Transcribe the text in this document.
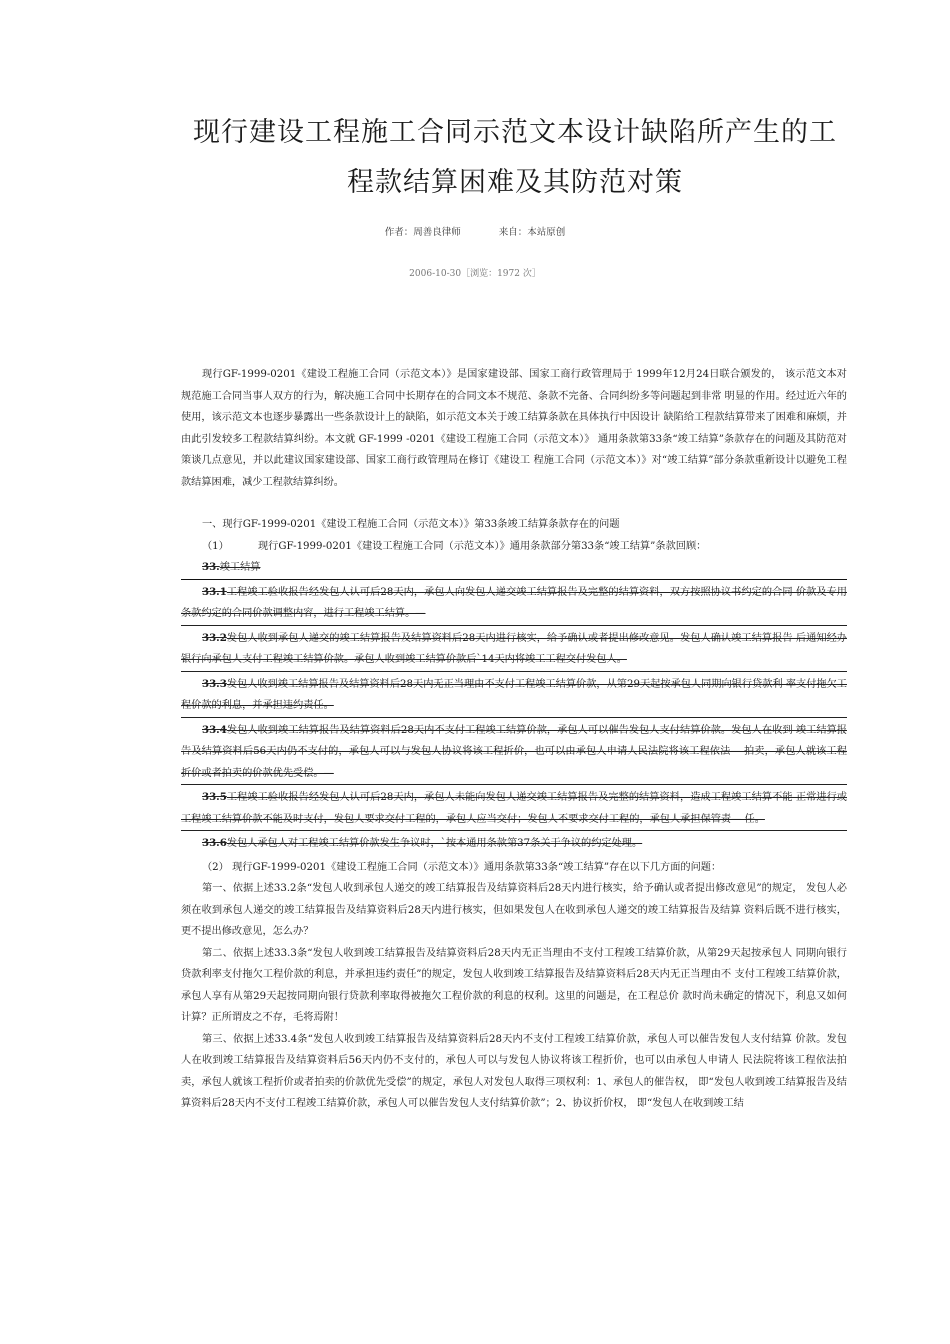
现行建设工程施工合同示范文本设计缺陷所产生的工
程款结算困难及其防范对策
作者：周善良律师	来自：本站原创
2006-10-30［浏览：1972 次］

现行GF-1999-0201《建设工程施工合同（示范文本）》是国家建设部、国家工商行政管理局于 1999年12月24日联合颁发的， 该示范文本对规范施工合同当事人双方的行为，解决施工合同中长期存在的合同文本不规范、条款不完备、合同纠纷多等问题起到非常 明显的作用。经过近六年的使用，该示范文本也逐步暴露出一些条款设计上的缺陷，如示范文本关于竣工结算条款在具体执行中因设计 缺陷给工程款结算带来了困难和麻烦，并由此引发较多工程款结算纠纷。本文就 GF-1999 -0201《建设工程施工合同（示范文本）》 通用条款第33条“竣工结算”条款存在的问题及其防范对策谈几点意见，并以此建议国家建设部、国家工商行政管理局在修订《建设工 程施工合同（示范文本）》对“竣工结算”部分条款重新设计以避免工程款结算困难，减少工程款结算纠纷。

一、现行GF-1999-0201《建设工程施工合同（示范文本）》第33条竣工结算条款存在的问题

（1）	现行GF-1999-0201《建设工程施工合同（示范文本）》通用条款部分第33条“竣工结算”条款回顾：

33.竣工结算

33.1工程竣工验收报告经发包人认可后28天内，承包人向发包人递交竣工结算报告及完整的结算资料，双方按照协议书约定的合同 价款及专用条款约定的合同价款调整内容，进行工程竣工结算。—

33.2发包人收到承包人递交的竣工结算报告及结算资料后28天内进行核实，给予确认或者提出修改意见。发包人确认竣工结算报告 后通知经办银行向承包人支付工程竣工结算价款。承包人收到竣工结算价款后`14天内将竣工工程交付发包人。

33.3发包人收到竣工结算报告及结算资料后28天内无正当理由不支付工程竣工结算价款，从第29天起按承包人同期向银行贷款利 率支付拖欠工程价款的利息，并承担违约责任。

33.4发包人收到竣工结算报告及结算资料后28天内不支付工程竣工结算价款，承包人可以催告发包人支付结算价款。发包人在收到 竣工结算报告及结算资料后56天内仍不支付的，承包人可以与发包人协议将该工程折价，也可以由承包人申请人民法院将该工程依法— 拍卖，承包人就该工程折价或者拍卖的价款优先受偿。—

33.5工程竣工验收报告经发包人认可后28天内，承包人未能向发包人递交竣工结算报告及完整的结算资料，造成工程竣工结算不能 正常进行或工程竣工结算价款不能及时支付，发包人要求交付工程的，承包人应当交付；发包人不要求交付工程的，承包人承担保管责— 任。

33.6发包人承包人对工程竣工结算价款发生争议时，`按本通用条款第37条关于争议的约定处理。

（2） 现行GF-1999-0201《建设工程施工合同（示范文本）》通用条款第33条“竣工结算”存在以下几方面的问题：

第一、依据上述33.2条“发包人收到承包人递交的竣工结算报告及结算资料后28天内进行核实，给予确认或者提出修改意见”的规定， 发包人必须在收到承包人递交的竣工结算报告及结算资料后28天内进行核实，但如果发包人在收到承包人递交的竣工结算报告及结算 资料后既不进行核实，更不提出修改意见，怎么办？

第二、依据上述33.3条“发包人收到竣工结算报告及结算资料后28天内无正当理由不支付工程竣工结算价款，从第29天起按承包人 同期向银行贷款利率支付拖欠工程价款的利息，并承担违约责任”的规定，发包人收到竣工结算报告及结算资料后28天内无正当理由不 支付工程竣工结算价款，承包人享有从第29天起按同期向银行贷款利率取得被拖欠工程价款的利息的权利。这里的问题是，在工程总价 款时尚未确定的情况下，利息又如何计算？正所谓皮之不存，毛将焉附！

第三、依据上述33.4条“发包人收到竣工结算报告及结算资料后28天内不支付工程竣工结算价款，承包人可以催告发包人支付结算 价款。发包人在收到竣工结算报告及结算资料后56天内仍不支付的，承包人可以与发包人协议将该工程折价，也可以由承包人申请人 民法院将该工程依法拍卖，承包人就该工程折价或者拍卖的价款优先受偿”的规定，承包人对发包人取得三项权利：1、承包人的催告权， 即“发包人收到竣工结算报告及结算资料后28天内不支付工程竣工结算价款，承包人可以催告发包人支付结算价款”；2、协议折价权， 即“发包人在收到竣工结
